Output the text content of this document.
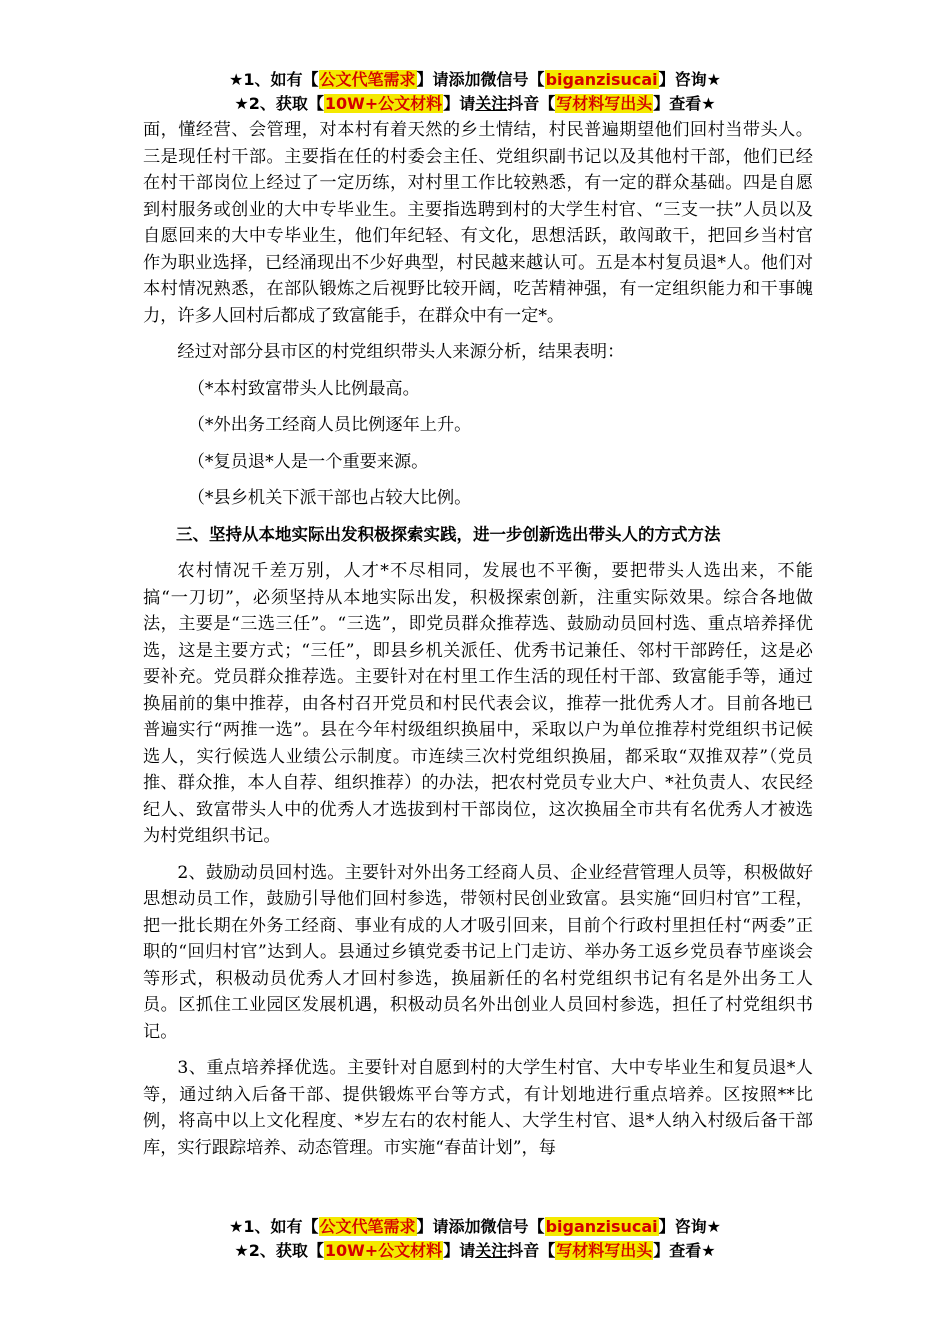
★1、如有【公文代笔需求】请添加微信号【biganzisucai】咨询★
★2、获取【10W+公文材料】请关注抖音【写材料写出头】查看★

面，懂经营、会管理，对本村有着天然的乡土情结，村民普遍期望他们回村当带头人。三是现任村干部。主要指在任的村委会主任、党组织副书记以及其他村干部，他们已经在村干部岗位上经过了一定历练，对村里工作比较熟悉，有一定的群众基础。四是自愿到村服务或创业的大中专毕业生。主要指选聘到村的大学生村官、“三支一扶”人员以及自愿回来的大中专毕业生，他们年纪轻、有文化，思想活跃，敢闯敢干，把回乡当村官作为职业选择，已经涌现出不少好典型，村民越来越认可。五是本村复员退*人。他们对本村情况熟悉，在部队锻炼之后视野比较开阔，吃苦精神强，有一定组织能力和干事魄力，许多人回村后都成了致富能手，在群众中有一定*。

经过对部分县市区的村党组织带头人来源分析，结果表明：

（*本村致富带头人比例最高。

（*外出务工经商人员比例逐年上升。

（*复员退*人是一个重要来源。

（*县乡机关下派干部也占较大比例。

三、坚持从本地实际出发积极探索实践，进一步创新选出带头人的方式方法

农村情况千差万别，人才*不尽相同，发展也不平衡，要把带头人选出来，不能搞“一刀切”，必须坚持从本地实际出发，积极探索创新，注重实际效果。综合各地做法，主要是“三选三任”。“三选”，即党员群众推荐选、鼓励动员回村选、重点培养择优选，这是主要方式；“三任”，即县乡机关派任、优秀书记兼任、邻村干部跨任，这是必要补充。党员群众推荐选。主要针对在村里工作生活的现任村干部、致富能手等，通过换届前的集中推荐，由各村召开党员和村民代表会议，推荐一批优秀人才。目前各地已普遍实行“两推一选”。县在今年村级组织换届中，采取以户为单位推荐村党组织书记候选人，实行候选人业绩公示制度。市连续三次村党组织换届，都采取“双推双荐”（党员推、群众推，本人自荐、组织推荐）的办法，把农村党员专业大户、*社负责人、农民经纪人、致富带头人中的优秀人才选拔到村干部岗位，这次换届全市共有名优秀人才被选为村党组织书记。

2、鼓励动员回村选。主要针对外出务工经商人员、企业经营管理人员等，积极做好思想动员工作，鼓励引导他们回村参选，带领村民创业致富。县实施“回归村官”工程，把一批长期在外务工经商、事业有成的人才吸引回来，目前个行政村里担任村“两委”正职的“回归村官”达到人。县通过乡镇党委书记上门走访、举办务工返乡党员春节座谈会等形式，积极动员优秀人才回村参选，换届新任的名村党组织书记有名是外出务工人员。区抓住工业园区发展机遇，积极动员名外出创业人员回村参选，担任了村党组织书记。

3、重点培养择优选。主要针对自愿到村的大学生村官、大中专毕业生和复员退*人等，通过纳入后备干部、提供锻炼平台等方式，有计划地进行重点培养。区按照**比例，将高中以上文化程度、*岁左右的农村能人、大学生村官、退*人纳入村级后备干部库，实行跟踪培养、动态管理。市实施“春苗计划”，每

★1、如有【公文代笔需求】请添加微信号【biganzisucai】咨询★
★2、获取【10W+公文材料】请关注抖音【写材料写出头】查看★
